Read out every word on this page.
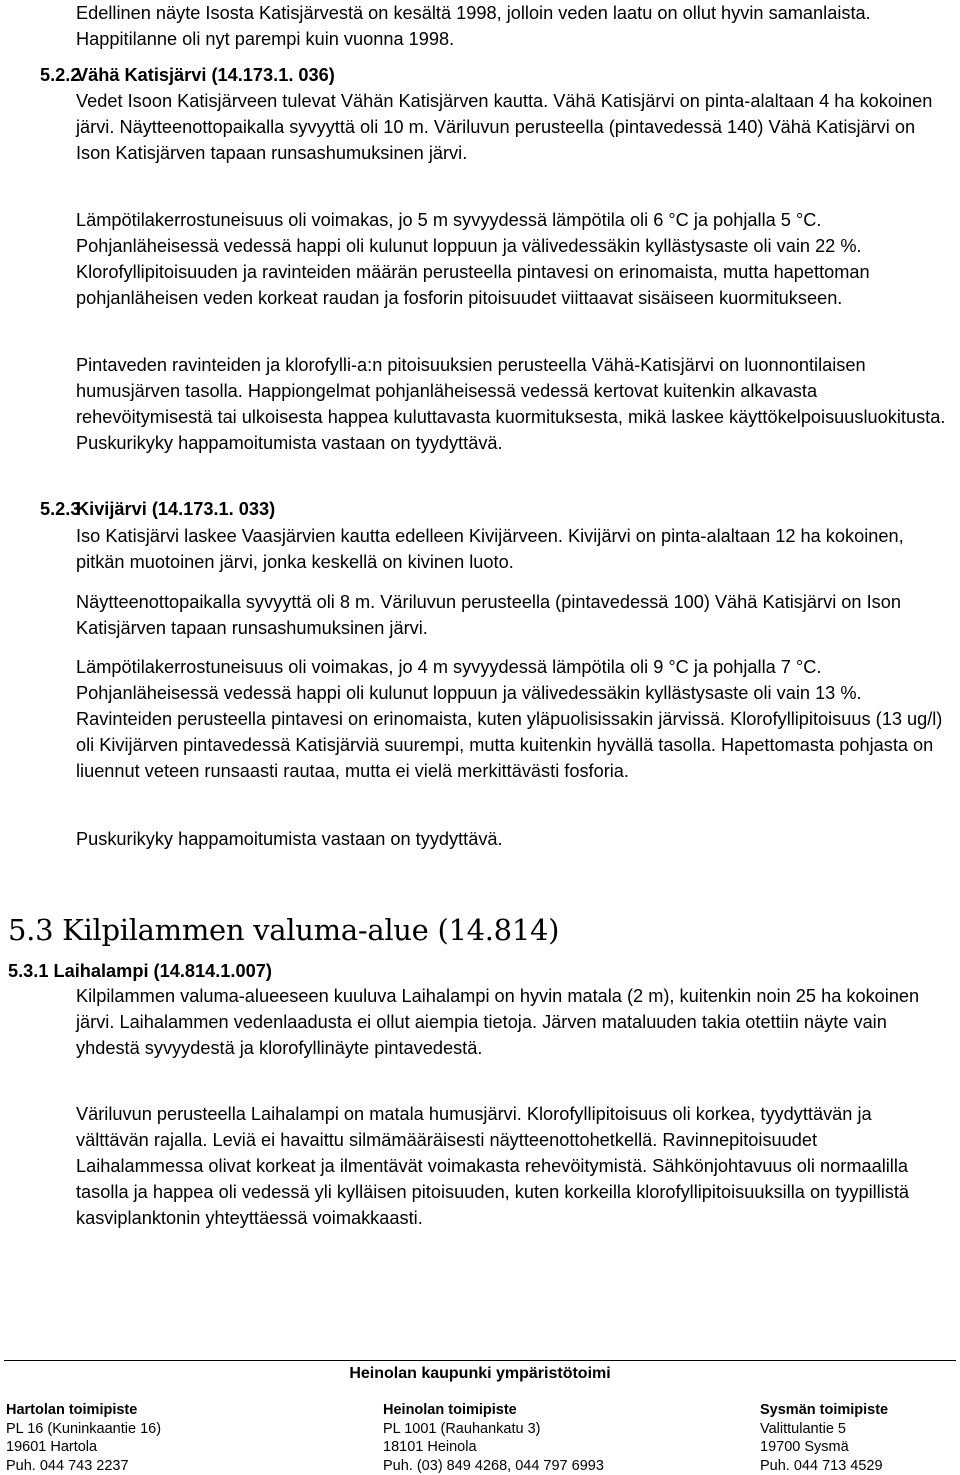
Edellinen näyte Isosta Katisjärvestä on kesältä 1998, jolloin veden laatu on ollut hyvin samanlaista. Happitilanne oli nyt parempi kuin vuonna 1998.

5.2.2Vähä Katisjärvi (14.173.1. 036)

Vedet Isoon Katisjärveen tulevat Vähän Katisjärven kautta. Vähä Katisjärvi on pinta-alaltaan 4 ha kokoinen järvi. Näytteenottopaikalla syvyyttä oli 10 m. Väriluvun perusteella (pintavedessä 140) Vähä Katisjärvi on Ison Katisjärven tapaan runsashumuksinen järvi.

Lämpötilakerrostuneisuus oli voimakas, jo 5 m syvyydessä lämpötila oli 6 °C ja pohjalla 5 °C. Pohjanläheisessä vedessä happi oli kulunut loppuun ja välivedessäkin kyllästysaste oli vain 22 %. Klorofyllipitoisuuden ja ravinteiden määrän perusteella pintavesi on erinomaista, mutta hapettoman pohjanläheisen veden korkeat raudan ja fosforin pitoisuudet viittaavat sisäiseen kuormitukseen.

Pintaveden ravinteiden ja klorofylli-a:n pitoisuuksien perusteella Vähä-Katisjärvi on luonnontilaisen humusjärven tasolla. Happiongelmat pohjanläheisessä vedessä kertovat kuitenkin alkavasta rehevöitymisestä tai ulkoisesta happea kuluttavasta kuormituksesta, mikä laskee käyttökelpoisuusluokitusta. Puskurikyky happamoitumista vastaan on tyydyttävä.

5.2.3Kivijärvi (14.173.1. 033)

Iso Katisjärvi laskee Vaasjärvien kautta edelleen Kivijärveen. Kivijärvi on pinta-alaltaan 12 ha kokoinen, pitkän muotoinen järvi, jonka keskellä on kivinen luoto.

Näytteenottopaikalla syvyyttä oli 8 m. Väriluvun perusteella (pintavedessä 100) Vähä Katisjärvi on Ison Katisjärven tapaan runsashumuksinen järvi.

Lämpötilakerrostuneisuus oli voimakas, jo 4 m syvyydessä lämpötila oli 9 °C ja pohjalla 7 °C. Pohjanläheisessä vedessä happi oli kulunut loppuun ja välivedessäkin kyllästysaste oli vain 13 %. Ravinteiden perusteella pintavesi on erinomaista, kuten yläpuolisissakin järvissä. Klorofyllipitoisuus (13 ug/l) oli Kivijärven pintavedessä Katisjärviä suurempi, mutta kuitenkin hyvällä tasolla. Hapettomasta pohjasta on liuennut veteen runsaasti rautaa, mutta ei vielä merkittävästi fosforia.

Puskurikyky happamoitumista vastaan on tyydyttävä.

5.3 Kilpilammen valuma-alue (14.814)
5.3.1 Laihalampi (14.814.1.007)

Kilpilammen valuma-alueeseen kuuluva Laihalampi on hyvin matala (2 m), kuitenkin noin 25 ha kokoinen järvi. Laihalammen vedenlaadusta ei ollut aiempia tietoja. Järven mataluuden takia otettiin näyte vain yhdestä syvyydestä ja klorofyllinäyte pintavedestä.

Väriluvun perusteella Laihalampi on matala humusjärvi. Klorofyllipitoisuus oli korkea, tyydyttävän ja välttävän rajalla. Leviä ei havaittu silmämääräisesti näytteenottohetkellä. Ravinnepitoisuudet Laihalammessa olivat korkeat ja ilmentävät voimakasta rehevöitymistä. Sähkönjohtavuus oli normaalilla tasolla ja happea oli vedessä yli kylläisen pitoisuuden, kuten korkeilla klorofyllipitoisuuksilla on tyypillistä kasviplanktonin yhteyttäessä voimakkaasti.

Heinolan kaupunki ympäristötoimi
Hartolan toimipiste
PL 16 (Kuninkaantie 16)
19601 Hartola
Puh. 044 743 2237
Heinolan toimipiste
PL 1001 (Rauhankatu 3)
18101 Heinola
Puh. (03) 849 4268, 044 797 6993
Sysmän toimipiste
Valittulantie 5
19700 Sysmä
Puh. 044 713 4529
